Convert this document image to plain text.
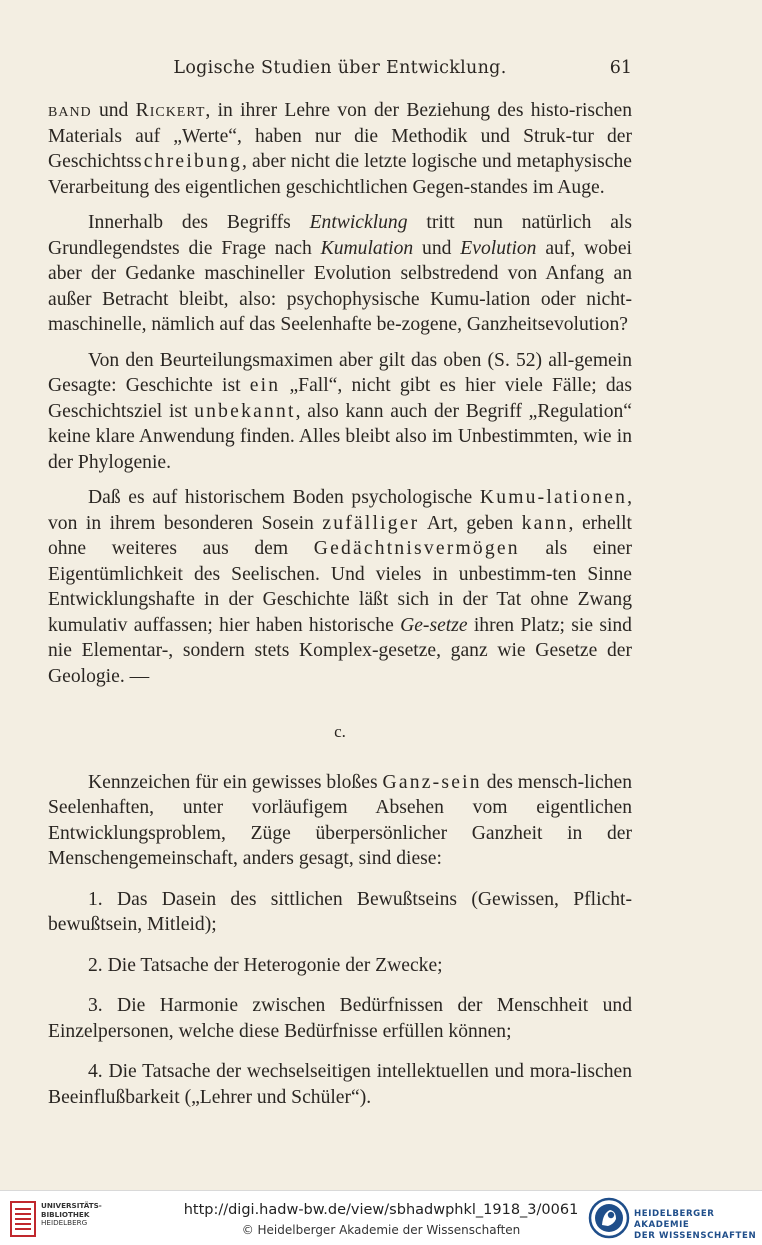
Logische Studien über Entwicklung.	61

band und Rickert, in ihrer Lehre von der Beziehung des histo-rischen Materials auf „Werte“, haben nur die Methodik und Struk-tur der Geschichtsschreibung, aber nicht die letzte logische und metaphysische Verarbeitung des eigentlichen geschichtlichen Gegen-standes im Auge.

Innerhalb des Begriffs Entwicklung tritt nun natürlich als Grundlegendstes die Frage nach Kumulation und Evolution auf, wobei aber der Gedanke maschineller Evolution selbstredend von Anfang an außer Betracht bleibt, also: psychophysische Kumu-lation oder nicht-maschinelle, nämlich auf das Seelenhafte be-zogene, Ganzheitsevolution?

Von den Beurteilungsmaximen aber gilt das oben (S. 52) all-gemein Gesagte: Geschichte ist ein „Fall“, nicht gibt es hier viele Fälle; das Geschichtsziel ist unbekannt, also kann auch der Begriff „Regulation“ keine klare Anwendung finden. Alles bleibt also im Unbestimmten, wie in der Phylogenie.

Daß es auf historischem Boden psychologische Kumu-lationen, von in ihrem besonderen Sosein zufälliger Art, geben kann, erhellt ohne weiteres aus dem Gedächtnisvermögen als einer Eigentümlichkeit des Seelischen. Und vieles in unbestimm-ten Sinne Entwicklungshafte in der Geschichte läßt sich in der Tat ohne Zwang kumulativ auffassen; hier haben historische Ge-setze ihren Platz; sie sind nie Elementar-, sondern stets Komplex-gesetze, ganz wie Gesetze der Geologie. —

c.

Kennzeichen für ein gewisses bloßes Ganz-sein des mensch-lichen Seelenhaften, unter vorläufigem Absehen vom eigentlichen Entwicklungsproblem, Züge überpersönlicher Ganzheit in der Menschengemeinschaft, anders gesagt, sind diese:

1. Das Dasein des sittlichen Bewußtseins (Gewissen, Pflicht-bewußtsein, Mitleid);

2. Die Tatsache der Heterogonie der Zwecke;

3. Die Harmonie zwischen Bedürfnissen der Menschheit und Einzelpersonen, welche diese Bedürfnisse erfüllen können;

4. Die Tatsache der wechselseitigen intellektuellen und mora-lischen Beeinflußbarkeit („Lehrer und Schüler“).

UNIVERSITÄTS-
BIBLIOTHEK
HEIDELBERG
http://digi.hadw-bw.de/view/sbhadwphkl_1918_3/0061
© Heidelberger Akademie der Wissenschaften
HEIDELBERGER AKADEMIE
DER WISSENSCHAFTEN
